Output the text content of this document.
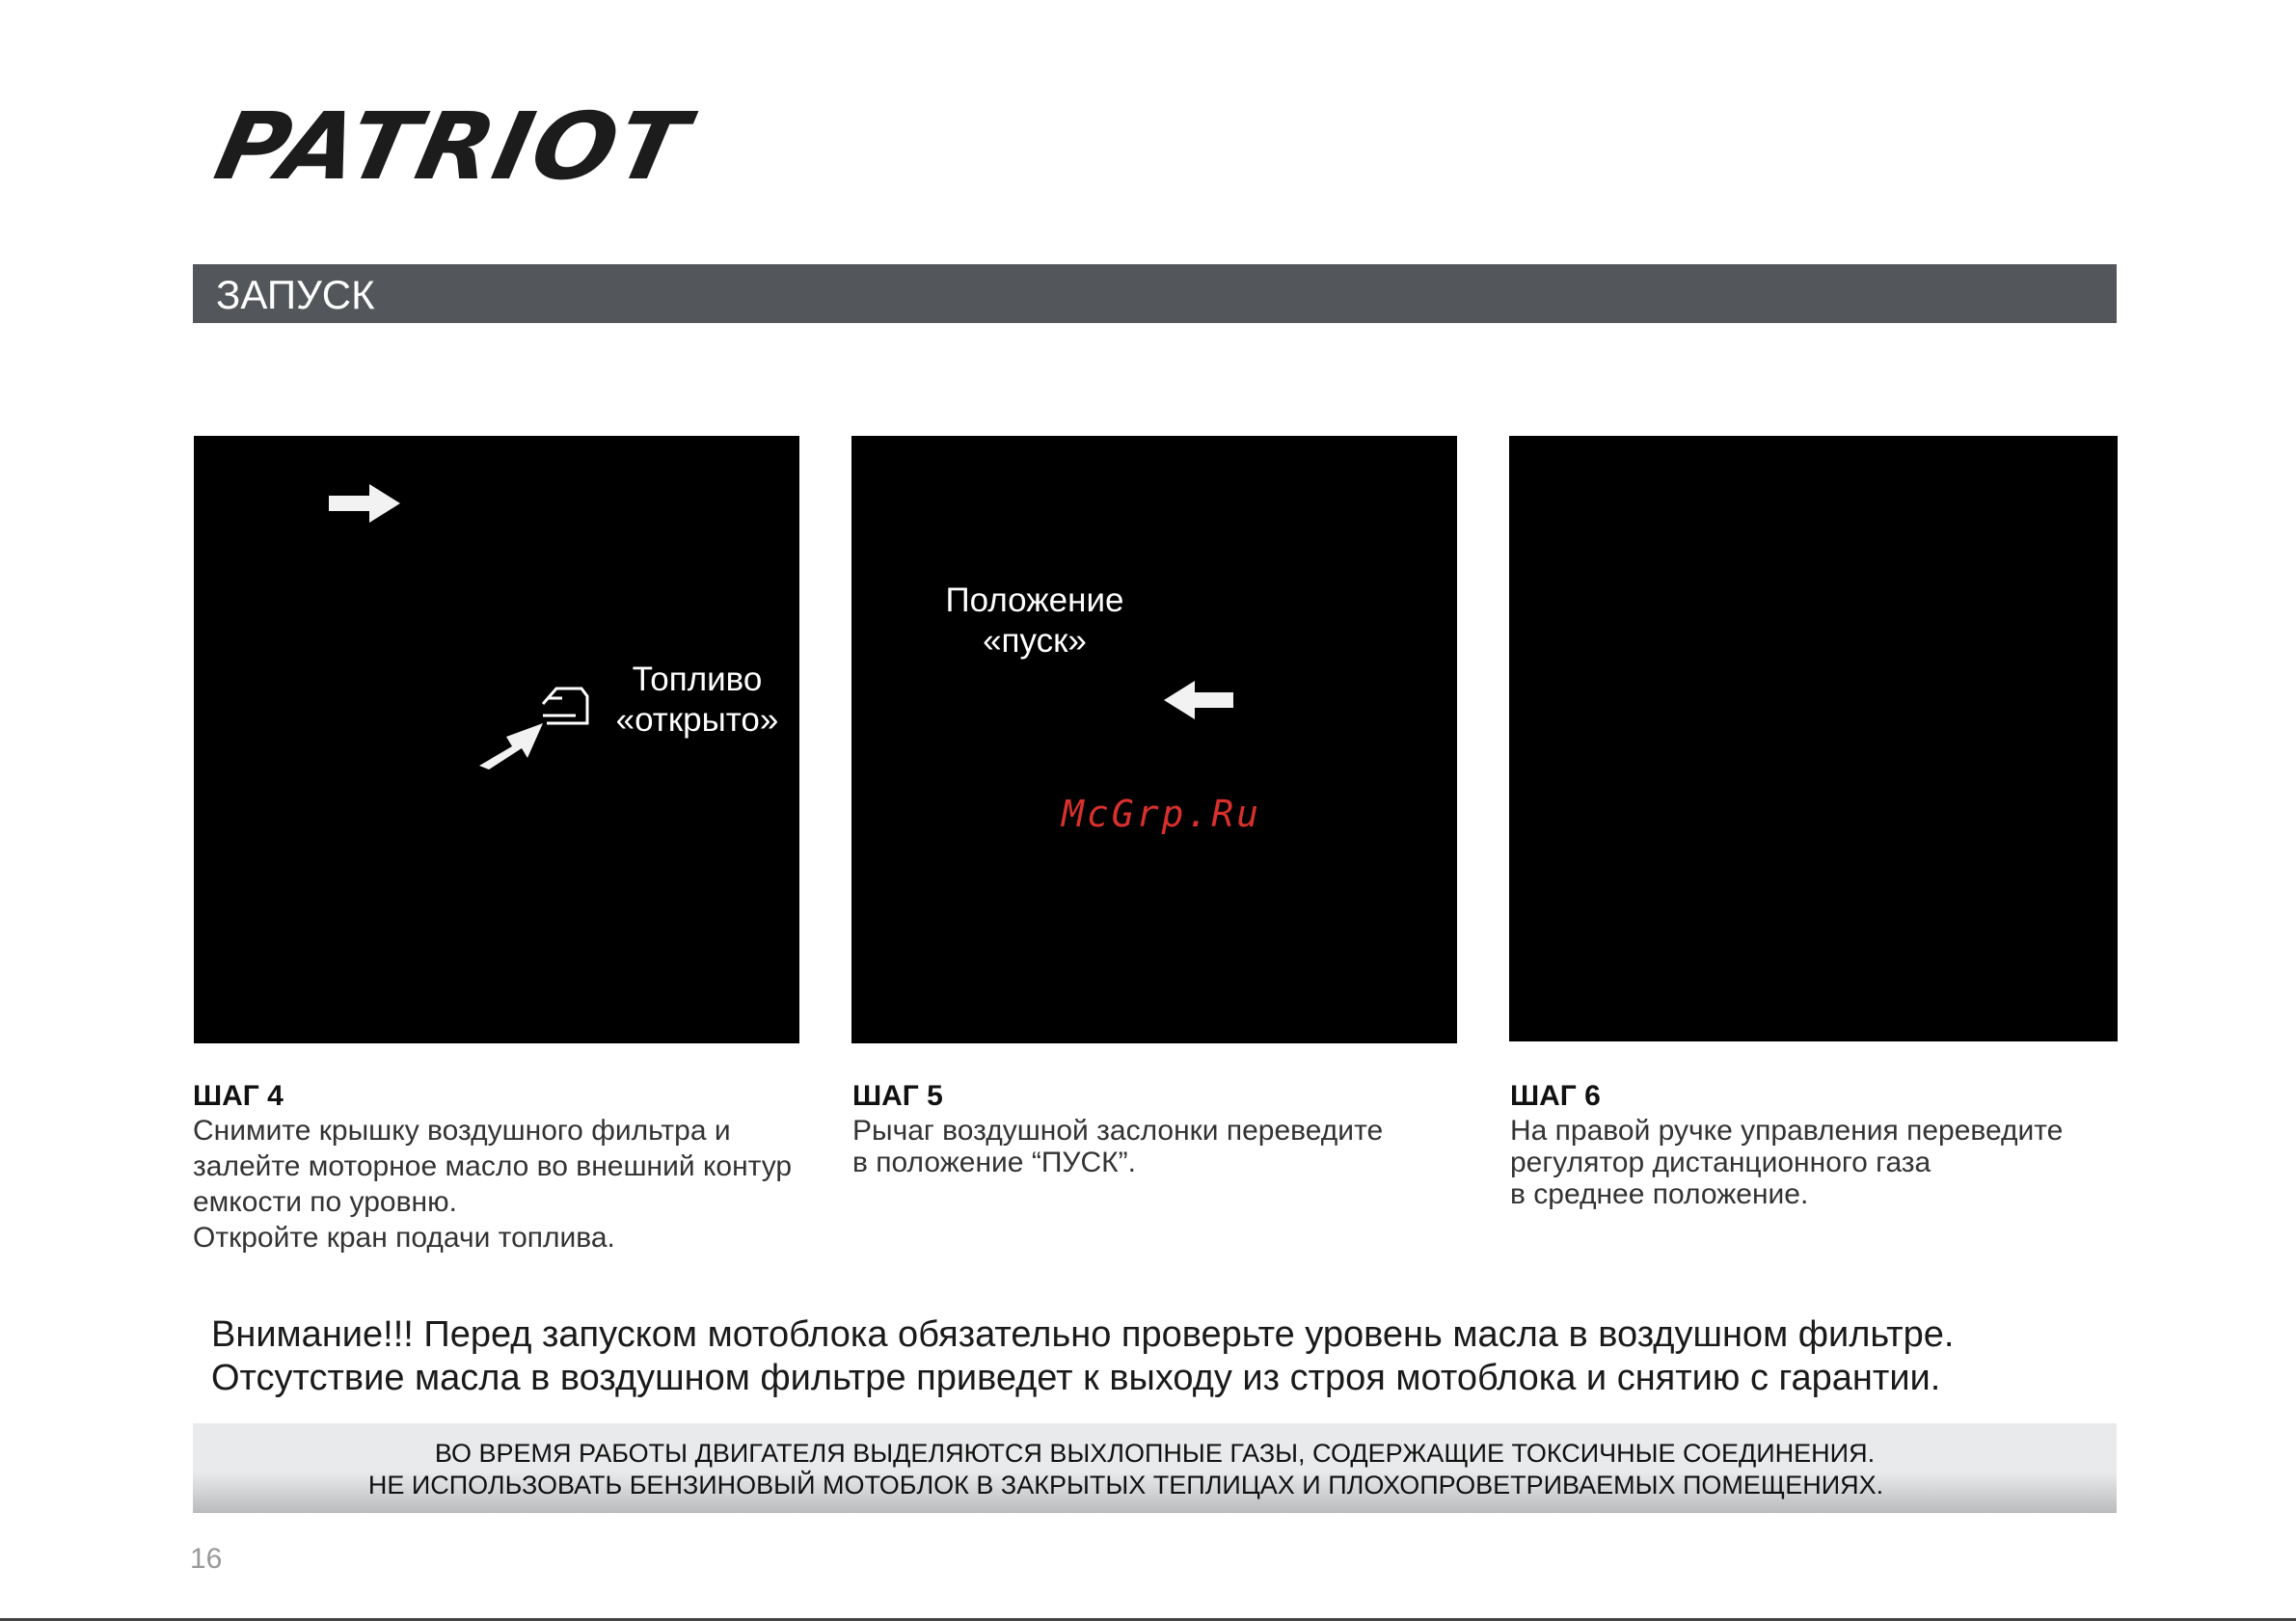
PATRIOT
ЗАПУСК
Топливо
«открыто»
Положение
«пуск»
McGrp.Ru
ШАГ 4
Снимите крышку воздушного фильтра и
залейте моторное масло во внешний контур
емкости по уровню.
Откройте кран подачи топлива.
ШАГ 5
Рычаг воздушной заслонки переведите
в положение “ПУСК”.
ШАГ 6
На правой ручке управления переведите
регулятор дистанционного газа
в среднее положение.
Внимание!!! Перед запуском мотоблока обязательно проверьте уровень масла в воздушном фильтре.
Отсутствие масла в воздушном фильтре приведет к выходу из строя мотоблока и снятию с гарантии.
ВО ВРЕМЯ РАБОТЫ ДВИГАТЕЛЯ ВЫДЕЛЯЮТСЯ ВЫХЛОПНЫЕ ГАЗЫ, СОДЕРЖАЩИЕ ТОКСИЧНЫЕ СОЕДИНЕНИЯ.
НЕ ИСПОЛЬЗОВАТЬ БЕНЗИНОВЫЙ МОТОБЛОК В ЗАКРЫТЫХ ТЕПЛИЦАХ И ПЛОХОПРОВЕТРИВАЕМЫХ ПОМЕЩЕНИЯХ.
16
